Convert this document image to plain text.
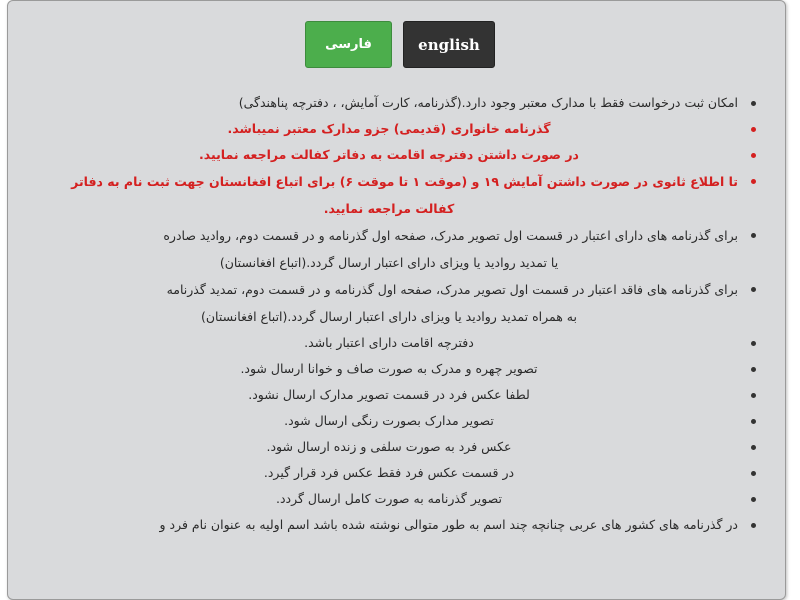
فارسی	english
امکان ثبت درخواست فقط با مدارک معتبر وجود دارد.(گذرنامه، کارت آمایش، ، دفترچه پناهندگی)
گذرنامه خانواری (قدیمی) جزو مدارک معتبر نمیباشد.
در صورت داشتن دفترچه اقامت به دفاتر کفالت مراجعه نمایید.
تا اطلاع ثانوی در صورت داشتن آمایش ۱۹ و (موقت ۱ تا موقت ۶) برای اتباع افغانستان جهت ثبت نام به دفاتر
کفالت مراجعه نمایید.
برای گذرنامه های دارای اعتبار در قسمت اول تصویر مدرک، صفحه اول گذرنامه و در قسمت دوم، روادید صادره
یا تمدید روادید یا ویزای دارای اعتبار ارسال گردد.(اتباع افغانستان)
برای گذرنامه های فاقد اعتبار در قسمت اول تصویر مدرک، صفحه اول گذرنامه و در قسمت دوم، تمدید گذرنامه
به همراه تمدید روادید یا ویزای دارای اعتبار ارسال گردد.(اتباع افغانستان)
دفترچه اقامت دارای اعتبار باشد.
تصویر چهره و مدرک به صورت صاف و خوانا ارسال شود.
لطفا عکس فرد در قسمت تصویر مدارک ارسال نشود.
تصویر مدارک بصورت رنگی ارسال شود.
عکس فرد به صورت سلفی و زنده ارسال شود.
در قسمت عکس فرد فقط عکس فرد قرار گیرد.
تصویر گذرنامه به صورت کامل ارسال گردد.
در گذرنامه های کشور های عربی چنانچه چند اسم به طور متوالی نوشته شده باشد اسم اولیه به عنوان نام فرد و
